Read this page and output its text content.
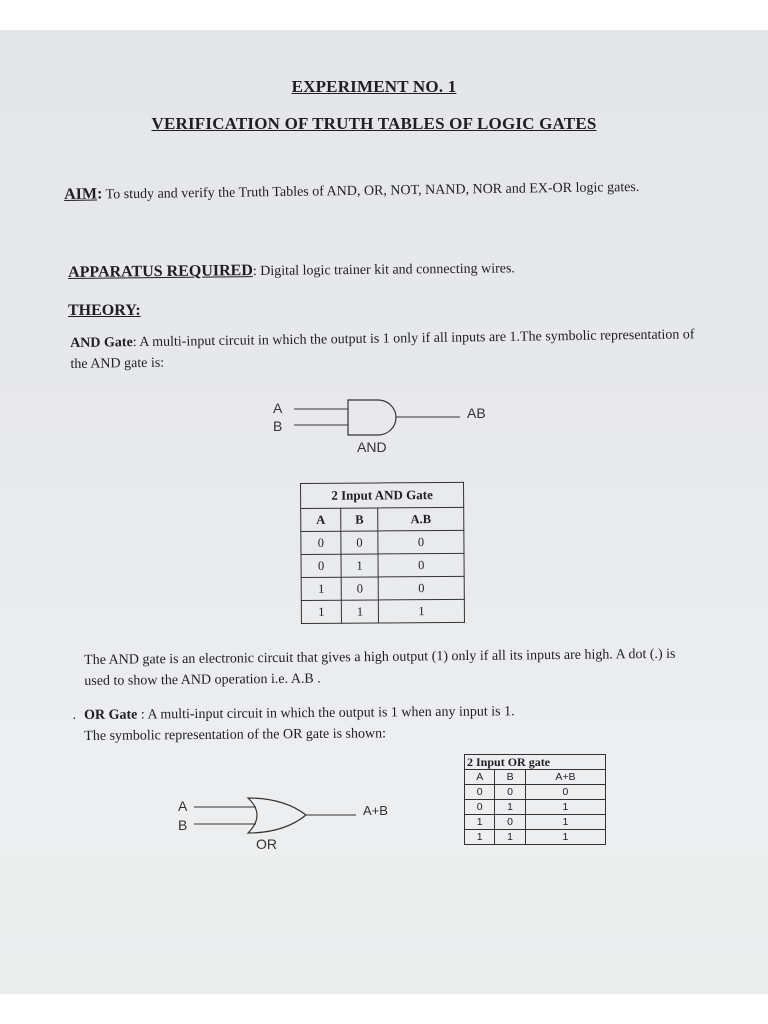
EXPERIMENT NO. 1
VERIFICATION OF TRUTH TABLES OF LOGIC GATES
AIM: To study and verify the Truth Tables of AND, OR, NOT, NAND, NOR and EX-OR logic gates.
APPARATUS REQUIRED: Digital logic trainer kit and connecting wires.
THEORY:
AND Gate: A multi-input circuit in which the output is 1 only if all inputs are 1.The symbolic representation of the AND gate is:
A
B
AB
AND
2 Input AND Gate		
A	B	A.B
0	0	0
0	1	0
1	0	0
1	1	1
The AND gate is an electronic circuit that gives a high output (1) only if all its inputs are high. A dot (.) is used to show the AND operation i.e. A.B .
· OR Gate : A multi-input circuit in which the output is 1 when any input is 1.
The symbolic representation of the OR gate is shown:
A
B
A+B
OR
2 Input OR gate		
A	B	A+B
0	0	0
0	1	1
1	0	1
1	1	1
